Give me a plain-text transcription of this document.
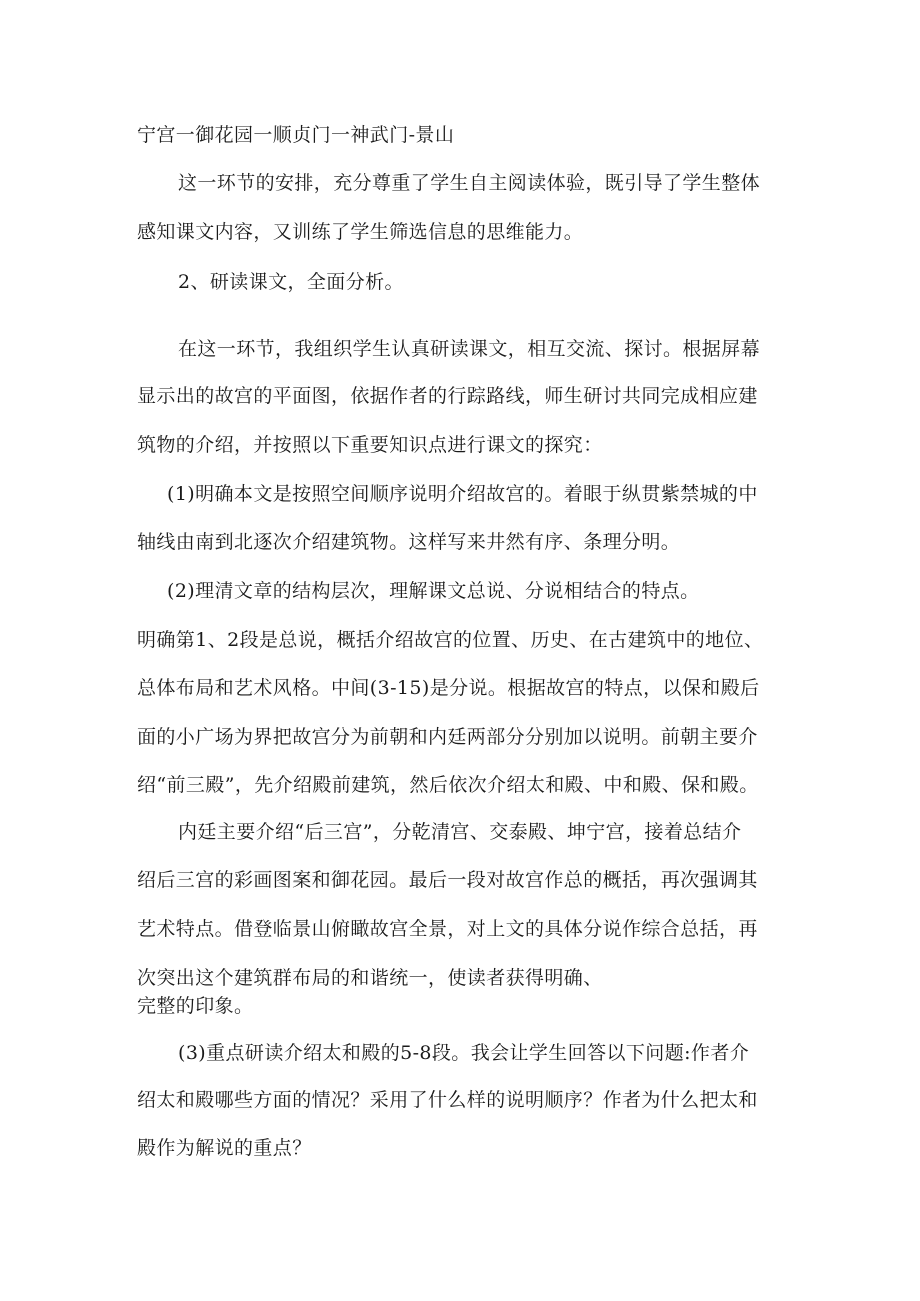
宁宫一御花园一顺贞门一神武门-景山
这一环节的安排，充分尊重了学生自主阅读体验，既引导了学生整体
感知课文内容，又训练了学生筛选信息的思维能力。
2、研读课文，全面分析。
在这一环节，我组织学生认真研读课文，相互交流、探讨。根据屏幕
显示出的故宫的平面图，依据作者的行踪路线，师生研讨共同完成相应建
筑物的介绍，并按照以下重要知识点进行课文的探究：
(1)明确本文是按照空间顺序说明介绍故宫的。着眼于纵贯紫禁城的中
轴线由南到北逐次介绍建筑物。这样写来井然有序、条理分明。
(2)理清文章的结构层次，理解课文总说、分说相结合的特点。
明确第1、2段是总说，概括介绍故宫的位置、历史、在古建筑中的地位、
总体布局和艺术风格。中间(3-15)是分说。根据故宫的特点，以保和殿后
面的小广场为界把故宫分为前朝和内廷两部分分别加以说明。前朝主要介
绍“前三殿”，先介绍殿前建筑，然后依次介绍太和殿、中和殿、保和殿。
内廷主要介绍“后三宫”，分乾清宫、交泰殿、坤宁宫，接着总结介
绍后三宫的彩画图案和御花园。最后一段对故宫作总的概括，再次强调其
艺术特点。借登临景山俯瞰故宫全景，对上文的具体分说作综合总括，再
次突出这个建筑群布局的和谐统一，使读者获得明确、
完整的印象。
(3)重点研读介绍太和殿的5-8段。我会让学生回答以下问题:作者介
绍太和殿哪些方面的情况？采用了什么样的说明顺序？作者为什么把太和
殿作为解说的重点？
